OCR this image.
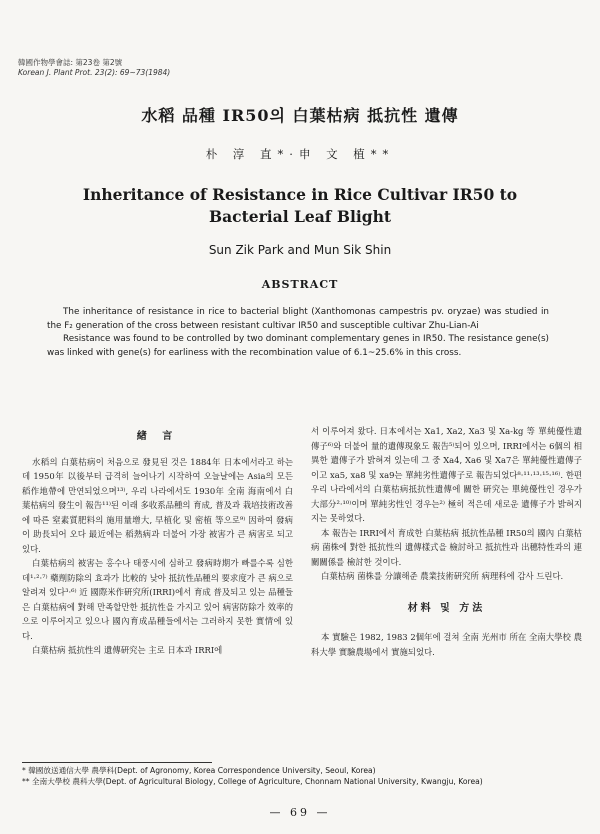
韓國作物學會誌: 第23卷 第2號
Korean J. Plant Prot. 23(2): 69~73(1984)
水稻 品種 IR50의 白葉枯病 抵抗性 遺傳
朴 淳 直*·申 文 植**
Inheritance of Resistance in Rice Cultivar IR50 to Bacterial Leaf Blight
Sun Zik Park and Mun Sik Shin
ABSTRACT

The inheritance of resistance in rice to bacterial blight (Xanthomonas campestris pv. oryzae) was studied in the F₂ generation of the cross between resistant cultivar IR50 and susceptible cultivar Zhu-Lian-Ai

Resistance was found to be controlled by two dominant complementary genes in IR50. The resistance gene(s) was linked with gene(s) for earliness with the recombination value of 6.1~25.6% in this cross.

緖 言

水稻의 白葉枯病이 처음으로 發見된 것은 1884年 日本에서라고 하는데 1950年 以後부터 급격히 늘어나기 시작하여 오늘날에는 Asia의 모든 稻作地帶에 만연되었으며¹³⁾, 우리 나라에서도 1930年 全南 海南에서 白葉枯病의 發生이 報告¹¹⁾된 이래 多收系品種의 育成, 普及과 栽培技術改善에 따른 窒素質肥料의 施用量增大, 早植化 및 密植 等으로⁹⁾ 因하여 發病이 助長되어 오다 最近에는 稻熱病과 더불어 가장 被害가 큰 病害로 되고 있다.

白葉枯病의 被害는 홍수나 태풍시에 심하고 發病時期가 빠를수록 심한데¹·²·⁷⁾ 藥劑防除의 효과가 比較的 낮아 抵抗性品種의 要求度가 큰 病으로 알려져 있다³·⁶⁾ 近 國際米作硏究所(IRRI)에서 育成 普及되고 있는 品種들은 白葉枯病에 對해 만족할만한 抵抗性을 가지고 있어 病害防除가 效率的으로 이루어지고 있으나 國內育成品種들에서는 그러하지 못한 實情에 있다.

白葉枯病 抵抗性의 遺傳硏究는 主로 日本과 IRRI에

서 이루어져 왔다. 日本에서는 Xa1, Xa2, Xa3 및 Xa-kg 等 單純優性遺傳子⁶⁾와 더불어 量的遺傳現象도 報告⁵⁾되어 있으며, IRRI에서는 6個의 相異한 遺傳子가 밝혀져 있는데 그 중 Xa4, Xa6 및 Xa7은 單純優性遺傳子이고 xa5, xa8 및 xa9는 單純劣性遺傳子로 報告되었다⁸·¹¹·¹³·¹⁵·¹⁶⁾. 한편 우리 나라에서의 白葉枯病抵抗性遺傳에 關한 硏究는 單純優性인 경우가 大部分²·¹⁰⁾이며 單純劣性인 경우는²⁾ 極히 적은데 새로운 遺傳子가 밝혀지지는 못하였다.

本 報告는 IRRI에서 育成한 白葉枯病 抵抗性品種 IR50의 國內 白葉枯病 菌株에 對한 抵抗性의 遺傳樣式을 檢討하고 抵抗性과 出穗特性과의 連關關係를 檢討한 것이다.

白葉枯病 菌株를 分讓해준 農業技術硏究所 病理科에 감사 드린다.

材料 및 方法

本 實驗은 1982, 1983 2個年에 걸쳐 全南 光州市 所在 全南大學校 農科大學 實驗農場에서 實施되었다.

* 韓國放送通信大學 農學科(Dept. of Agronomy, Korea Correspondence University, Seoul, Korea)

** 全南大學校 農科大學(Dept. of Agricultural Biology, College of Agriculture, Chonnam National University, Kwangju, Korea)

— 69 —
